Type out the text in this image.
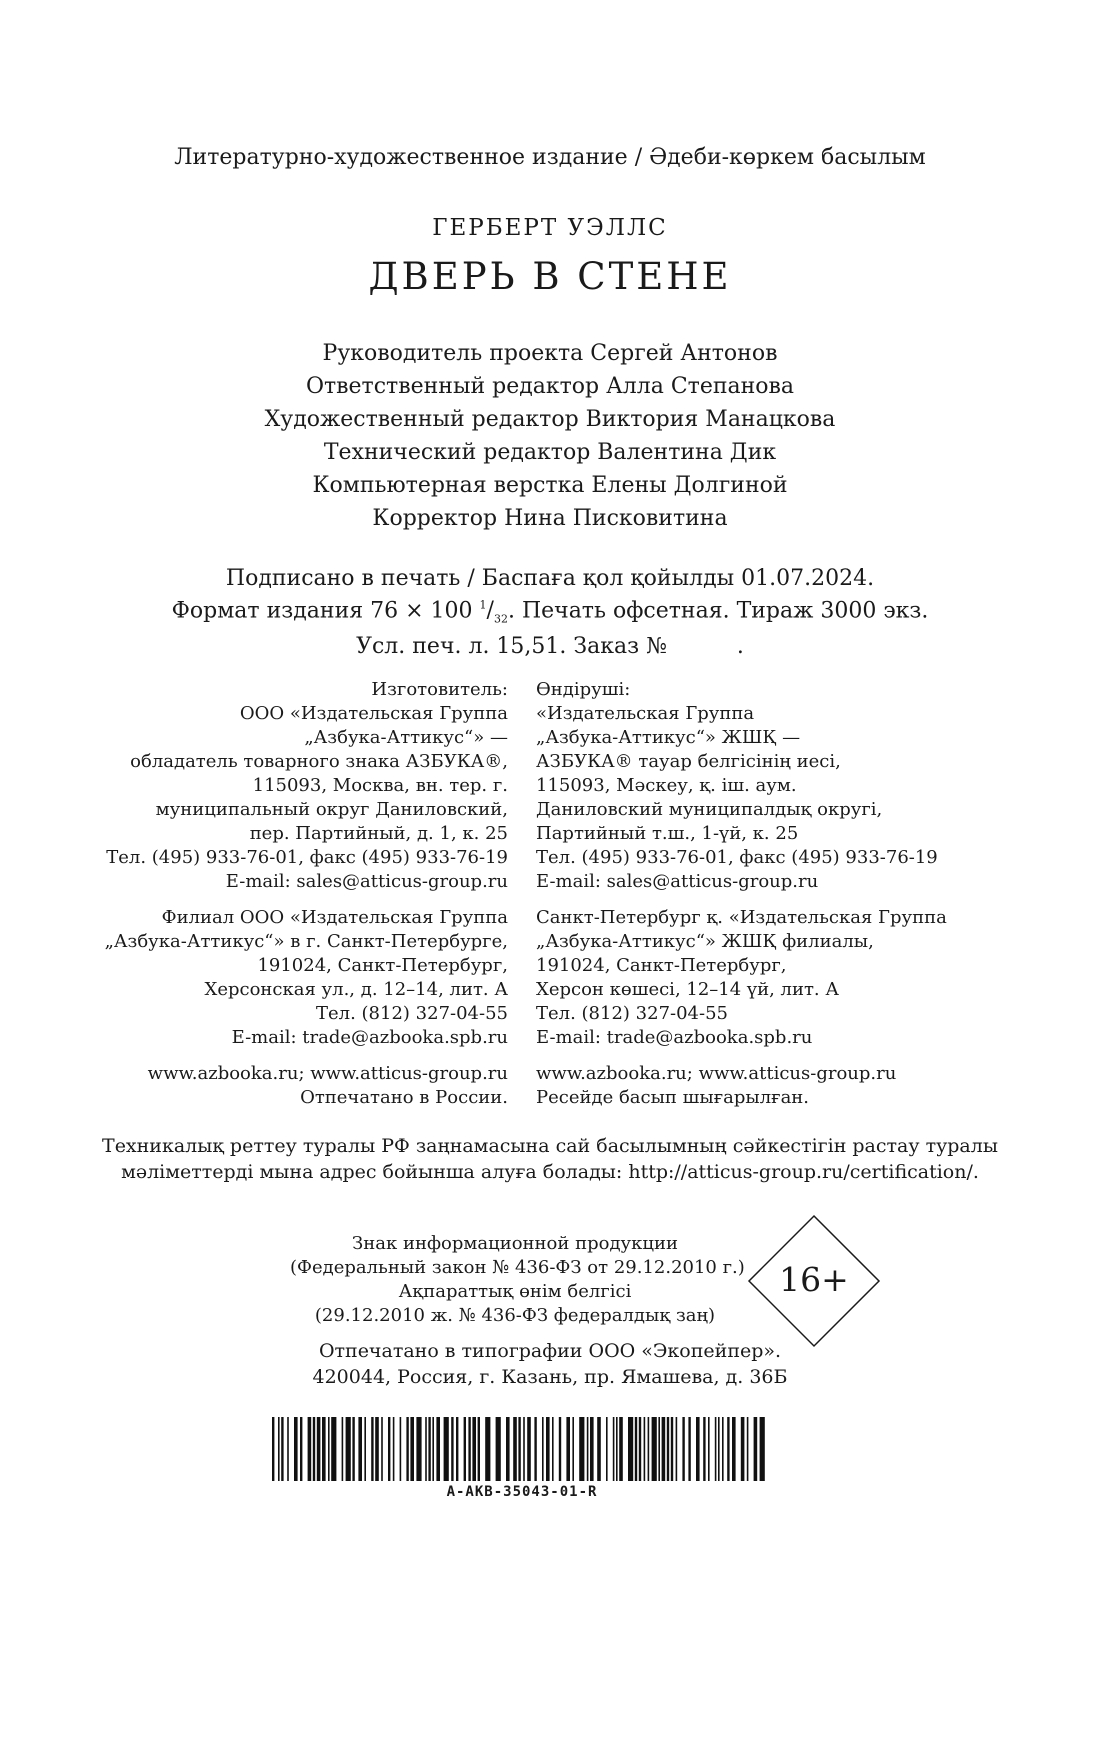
Литературно-художественное издание / Әдеби-көркем басылым
ГЕРБЕРТ УЭЛЛС
ДВЕРЬ В СТЕНЕ
Руководитель проекта Сергей Антонов
Ответственный редактор Алла Степанова
Художественный редактор Виктория Манацкова
Технический редактор Валентина Дик
Компьютерная верстка Елены Долгиной
Корректор Нина Писковитина
Подписано в печать / Баспаға қол қойылды 01.07.2024.
Формат издания 76 × 100 $^1/_{32}$. Печать офсетная. Тираж 3000 экз.
Усл. печ. л. 15,51. Заказ №	.
Изготовитель:
ООО «Издательская Группа
„Азбука-Аттикус“» —
обладатель товарного знака АЗБУКА®,
115093, Москва, вн. тер. г.
муниципальный округ Даниловский,
пер. Партийный, д. 1, к. 25
Тел. (495) 933-76-01, факс (495) 933-76-19
E-mail: sales@atticus-group.ru
Филиал ООО «Издательская Группа
„Азбука-Аттикус“» в г. Санкт-Петербурге,
191024, Санкт-Петербург,
Херсонская ул., д. 12–14, лит. А
Тел. (812) 327-04-55
E-mail: trade@azbooka.spb.ru
www.azbooka.ru; www.atticus-group.ru
Отпечатано в России.
Өндіруші:
«Издательская Группа
„Азбука-Аттикус“» ЖШҚ —
АЗБУКА® тауар белгісінің иесі,
115093, Мәскеу, қ. іш. аум.
Даниловский муниципалдық округі,
Партийный т.ш., 1-үй, к. 25
Тел. (495) 933-76-01, факс (495) 933-76-19
E-mail: sales@atticus-group.ru
Санкт-Петербург қ. «Издательская Группа
„Азбука-Аттикус“» ЖШҚ филиалы,
191024, Санкт-Петербург,
Херсон көшесі, 12–14 үй, лит. А
Тел. (812) 327-04-55
E-mail: trade@azbooka.spb.ru
www.azbooka.ru; www.atticus-group.ru
Ресейде басып шығарылған.
Техникалық реттеу туралы РФ заңнамасына сай басылымның сәйкестігін растау туралы
мәліметтерді мына адрес бойынша алуға болады: http://atticus-group.ru/certification/.
Знак информационной продукции
(Федеральный закон № 436-ФЗ от 29.12.2010 г.)
Ақпараттық өнім белгісі
(29.12.2010 ж. № 436-ФЗ федералдық заң)
16+
Отпечатано в типографии ООО «Экопейпер».
420044, Россия, г. Казань, пр. Ямашева, д. 36Б
A-AKB-35043-01-R
